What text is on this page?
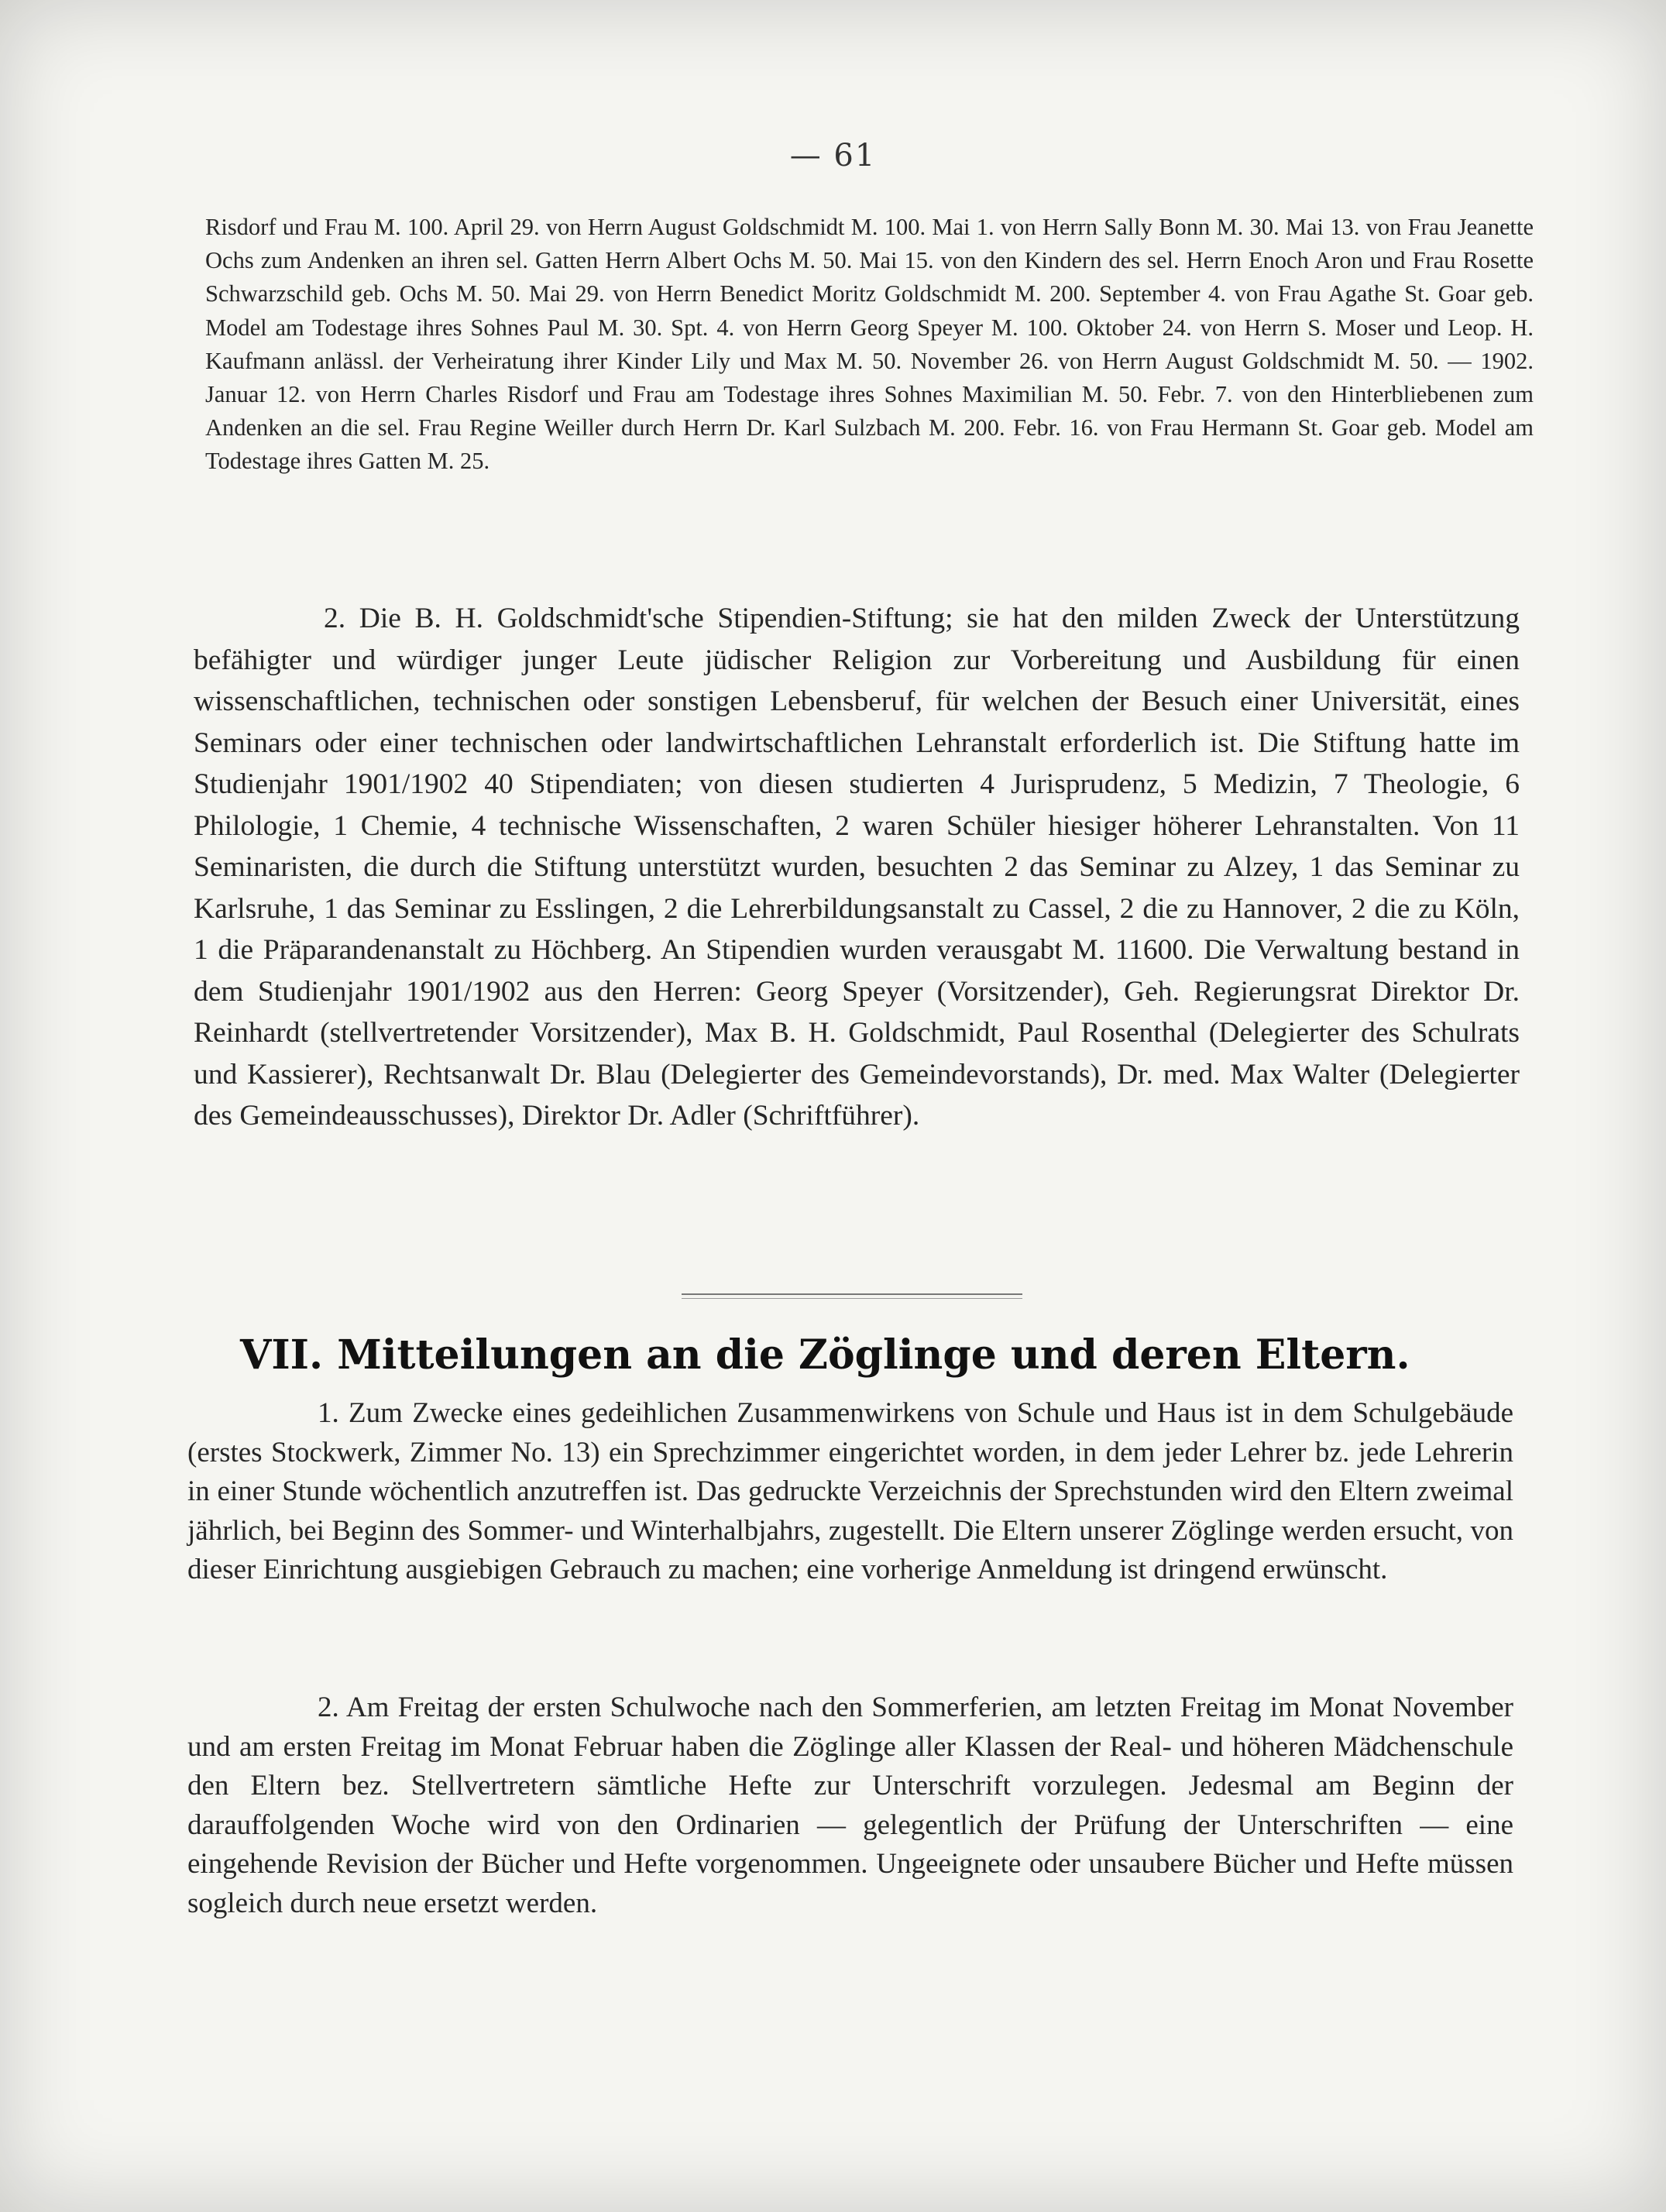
— 61

Risdorf und Frau M. 100. April 29. von Herrn August Goldschmidt M. 100. Mai 1. von Herrn Sally Bonn M. 30. Mai 13. von Frau Jeanette Ochs zum Andenken an ihren sel. Gatten Herrn Albert Ochs M. 50. Mai 15. von den Kindern des sel. Herrn Enoch Aron und Frau Rosette Schwarzschild geb. Ochs M. 50. Mai 29. von Herrn Benedict Moritz Goldschmidt M. 200. September 4. von Frau Agathe St. Goar geb. Model am Todestage ihres Sohnes Paul M. 30. Spt. 4. von Herrn Georg Speyer M. 100. Oktober 24. von Herrn S. Moser und Leop. H. Kaufmann anlässl. der Verheiratung ihrer Kinder Lily und Max M. 50. November 26. von Herrn August Goldschmidt M. 50. — 1902. Januar 12. von Herrn Charles Risdorf und Frau am Todestage ihres Sohnes Maximilian M. 50. Febr. 7. von den Hinterbliebenen zum Andenken an die sel. Frau Regine Weiller durch Herrn Dr. Karl Sulzbach M. 200. Febr. 16. von Frau Hermann St. Goar geb. Model am Todestage ihres Gatten M. 25.

2. Die B. H. Goldschmidt'sche Stipendien-Stiftung; sie hat den milden Zweck der Unterstützung befähigter und würdiger junger Leute jüdischer Religion zur Vorbereitung und Ausbildung für einen wissenschaftlichen, technischen oder sonstigen Lebensberuf, für welchen der Besuch einer Universität, eines Seminars oder einer technischen oder landwirtschaftlichen Lehranstalt erforderlich ist. Die Stiftung hatte im Studienjahr 1901/1902 40 Stipendiaten; von diesen studierten 4 Jurisprudenz, 5 Medizin, 7 Theologie, 6 Philologie, 1 Chemie, 4 technische Wissenschaften, 2 waren Schüler hiesiger höherer Lehranstalten. Von 11 Seminaristen, die durch die Stiftung unterstützt wurden, besuchten 2 das Seminar zu Alzey, 1 das Seminar zu Karlsruhe, 1 das Seminar zu Esslingen, 2 die Lehrerbildungsanstalt zu Cassel, 2 die zu Hannover, 2 die zu Köln, 1 die Präparandenanstalt zu Höchberg. An Stipendien wurden verausgabt M. 11600. Die Verwaltung bestand in dem Studienjahr 1901/1902 aus den Herren: Georg Speyer (Vorsitzender), Geh. Regierungsrat Direktor Dr. Reinhardt (stellvertretender Vorsitzender), Max B. H. Goldschmidt, Paul Rosenthal (Delegierter des Schulrats und Kassierer), Rechtsanwalt Dr. Blau (Delegierter des Gemeindevorstands), Dr. med. Max Walter (Delegierter des Gemeindeausschusses), Direktor Dr. Adler (Schriftführer).

VII. Mitteilungen an die Zöglinge und deren Eltern.

1. Zum Zwecke eines gedeihlichen Zusammenwirkens von Schule und Haus ist in dem Schulgebäude (erstes Stockwerk, Zimmer No. 13) ein Sprechzimmer eingerichtet worden, in dem jeder Lehrer bz. jede Lehrerin in einer Stunde wöchentlich anzutreffen ist. Das gedruckte Verzeichnis der Sprechstunden wird den Eltern zweimal jährlich, bei Beginn des Sommer- und Winterhalbjahrs, zugestellt. Die Eltern unserer Zöglinge werden ersucht, von dieser Einrichtung ausgiebigen Gebrauch zu machen; eine vorherige Anmeldung ist dringend erwünscht.

2. Am Freitag der ersten Schulwoche nach den Sommerferien, am letzten Freitag im Monat November und am ersten Freitag im Monat Februar haben die Zöglinge aller Klassen der Real- und höheren Mädchenschule den Eltern bez. Stellvertretern sämtliche Hefte zur Unterschrift vorzulegen. Jedesmal am Beginn der darauffolgenden Woche wird von den Ordinarien — gelegentlich der Prüfung der Unterschriften — eine eingehende Revision der Bücher und Hefte vorgenommen. Ungeeignete oder unsaubere Bücher und Hefte müssen sogleich durch neue ersetzt werden.
